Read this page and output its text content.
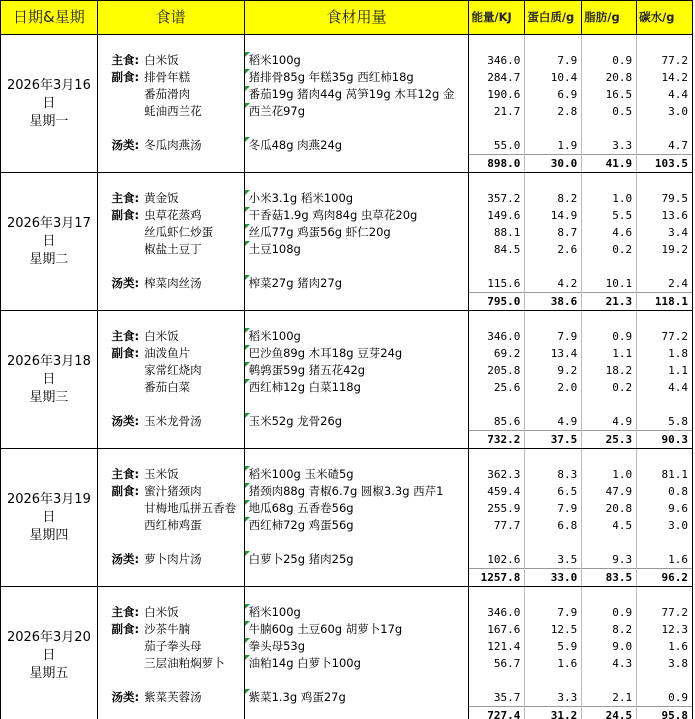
日期&星期	食谱		食材用量	能量/KJ	蛋白质/g	脂肪/g	碳水/g

2026年3月16日
星期一							

	主食:	白米饭	稻米100g	346.0	7.9	0.9	77.2
	副食:	排骨年糕	猪排骨85g 年糕35g 西红柿18g	284.7	10.4	20.8	14.2
		番茄滑肉	番茄19g 猪肉44g 莴笋19g 木耳12g 金	190.6	6.9	16.5	4.4
		蚝油西兰花	西兰花97g	21.7	2.8	0.5	3.0

	汤类:	冬瓜肉燕汤	冬瓜48g 肉燕24g	55.0	1.9	3.3	4.7
				898.0	30.0	41.9	103.5

2026年3月17日
星期二							

	主食:	黄金饭	小米3.1g 稻米100g	357.2	8.2	1.0	79.5
	副食:	虫草花蒸鸡	干香菇1.9g 鸡肉84g 虫草花20g	149.6	14.9	5.5	13.6
		丝瓜虾仁炒蛋	丝瓜77g 鸡蛋56g 虾仁20g	88.1	8.7	4.6	3.4
		椒盐土豆丁	土豆108g	84.5	2.6	0.2	19.2

	汤类:	榨菜肉丝汤	榨菜27g 猪肉27g	115.6	4.2	10.1	2.4
				795.0	38.6	21.3	118.1

2026年3月18日
星期三							

	主食:	白米饭	稻米100g	346.0	7.9	0.9	77.2
	副食:	油泼鱼片	巴沙鱼89g 木耳18g 豆芽24g	69.2	13.4	1.1	1.8
		家常红烧肉	鹌鹑蛋59g 猪五花42g	205.8	9.2	18.2	1.1
		番茄白菜	西红柿12g 白菜118g	25.6	2.0	0.2	4.4

	汤类:	玉米龙骨汤	玉米52g 龙骨26g	85.6	4.9	4.9	5.8
				732.2	37.5	25.3	90.3

2026年3月19日
星期四							

	主食:	玉米饭	稻米100g 玉米碴5g	362.3	8.3	1.0	81.1
	副食:	蜜汁猪颈肉	猪颈肉88g 青椒6.7g 圆椒3.3g 西芹1	459.4	6.5	47.9	0.8
		甘梅地瓜拼五香卷	地瓜68g 五香卷56g	255.9	7.9	20.8	9.6
		西红柿鸡蛋	西红柿72g 鸡蛋56g	77.7	6.8	4.5	3.0

	汤类:	萝卜肉片汤	白萝卜25g 猪肉25g	102.6	3.5	9.3	1.6
				1257.8	33.0	83.5	96.2

2026年3月20日
星期五							

	主食:	白米饭	稻米100g	346.0	7.9	0.9	77.2
	副食:	沙茶牛腩	牛腩60g 土豆60g 胡萝卜17g	167.6	12.5	8.2	12.3
		茄子拳头母	拳头母53g	121.4	5.9	9.0	1.6
		三层油粕焖萝卜	油粕14g 白萝卜100g	56.7	1.6	4.3	3.8

	汤类:	紫菜芙蓉汤	紫菜1.3g 鸡蛋27g	35.7	3.3	2.1	0.9
				727.4	31.2	24.5	95.8
